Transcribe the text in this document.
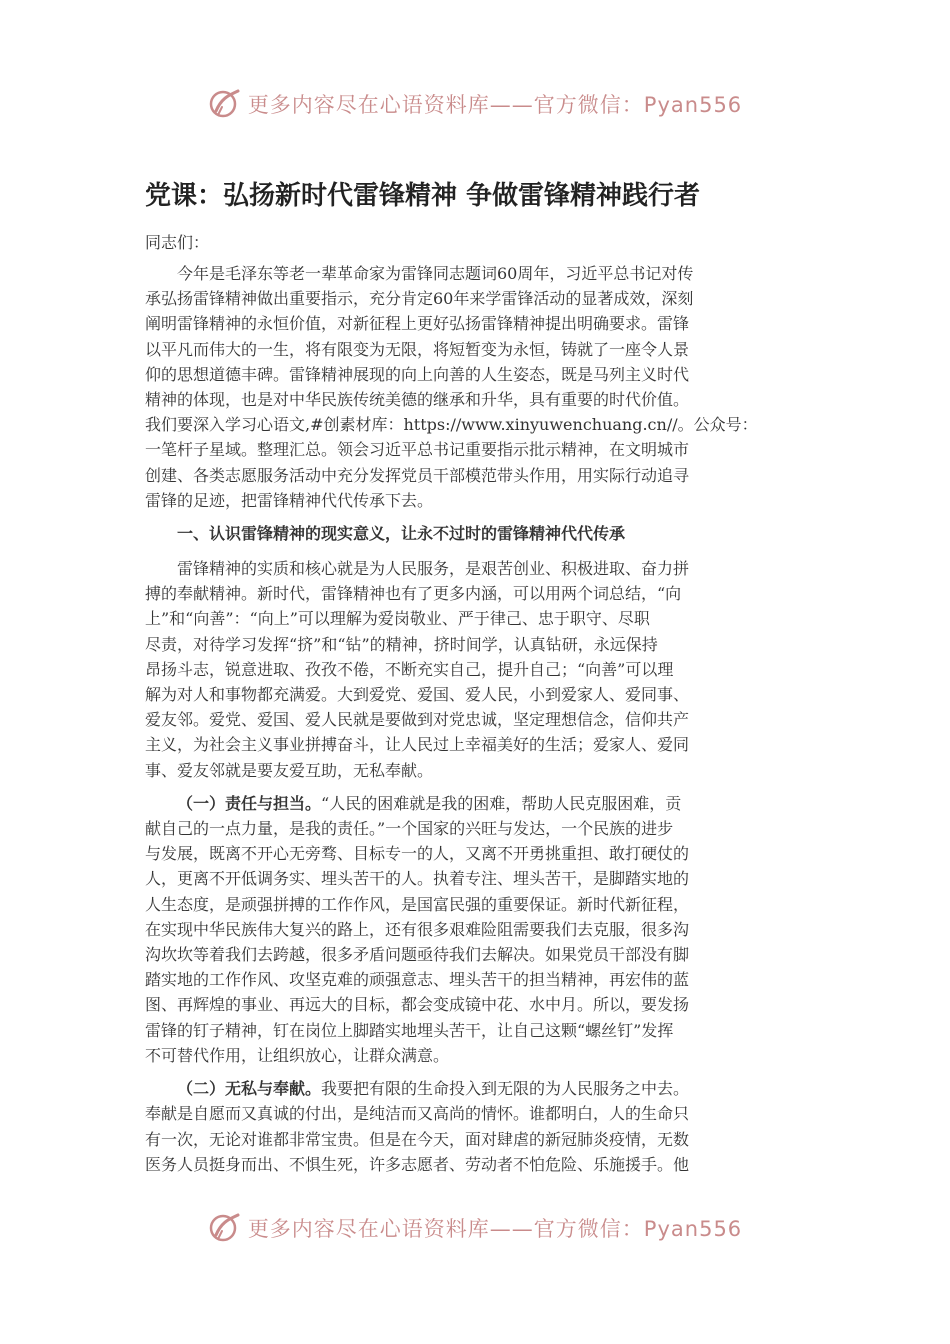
更多内容尽在心语资料库——官方微信：Pyan556
党课：弘扬新时代雷锋精神 争做雷锋精神践行者
同志们：

今年是毛泽东等老一辈革命家为雷锋同志题词60周年，习近平总书记对传
承弘扬雷锋精神做出重要指示，充分肯定60年来学雷锋活动的显著成效，深刻
阐明雷锋精神的永恒价值，对新征程上更好弘扬雷锋精神提出明确要求。雷锋
以平凡而伟大的一生，将有限变为无限，将短暂变为永恒，铸就了一座令人景
仰的思想道德丰碑。雷锋精神展现的向上向善的人生姿态，既是马列主义时代
精神的体现，也是对中华民族传统美德的继承和升华，具有重要的时代价值。
我们要深入学习心语文,#创素材库：https://www.xinyuwenchuang.cn//。公众号：
一笔杆子星域。整理汇总。领会习近平总书记重要指示批示精神，在文明城市
创建、各类志愿服务活动中充分发挥党员干部模范带头作用，用实际行动追寻
雷锋的足迹，把雷锋精神代代传承下去。

一、认识雷锋精神的现实意义，让永不过时的雷锋精神代代传承

雷锋精神的实质和核心就是为人民服务，是艰苦创业、积极进取、奋力拼
搏的奉献精神。新时代，雷锋精神也有了更多内涵，可以用两个词总结，“向
上”和“向善”：“向上”可以理解为爱岗敬业、严于律己、忠于职守、尽职
尽责，对待学习发挥“挤”和“钻”的精神，挤时间学，认真钻研，永远保持
昂扬斗志，锐意进取、孜孜不倦，不断充实自己，提升自己；“向善”可以理
解为对人和事物都充满爱。大到爱党、爱国、爱人民，小到爱家人、爱同事、
爱友邻。爱党、爱国、爱人民就是要做到对党忠诚，坚定理想信念，信仰共产
主义，为社会主义事业拼搏奋斗，让人民过上幸福美好的生活；爱家人、爱同
事、爱友邻就是要友爱互助，无私奉献。

（一）责任与担当。“人民的困难就是我的困难，帮助人民克服困难，贡
献自己的一点力量，是我的责任。”一个国家的兴旺与发达，一个民族的进步
与发展，既离不开心无旁骛、目标专一的人，又离不开勇挑重担、敢打硬仗的
人，更离不开低调务实、埋头苦干的人。执着专注、埋头苦干，是脚踏实地的
人生态度，是顽强拼搏的工作作风，是国富民强的重要保证。新时代新征程，
在实现中华民族伟大复兴的路上，还有很多艰难险阻需要我们去克服，很多沟
沟坎坎等着我们去跨越，很多矛盾问题亟待我们去解决。如果党员干部没有脚
踏实地的工作作风、攻坚克难的顽强意志、埋头苦干的担当精神，再宏伟的蓝
图、再辉煌的事业、再远大的目标，都会变成镜中花、水中月。所以，要发扬
雷锋的钉子精神，钉在岗位上脚踏实地埋头苦干，让自己这颗“螺丝钉”发挥
不可替代作用，让组织放心，让群众满意。

（二）无私与奉献。我要把有限的生命投入到无限的为人民服务之中去。
奉献是自愿而又真诚的付出，是纯洁而又高尚的情怀。谁都明白，人的生命只
有一次，无论对谁都非常宝贵。但是在今天，面对肆虐的新冠肺炎疫情，无数
医务人员挺身而出、不惧生死，许多志愿者、劳动者不怕危险、乐施援手。他

更多内容尽在心语资料库——官方微信：Pyan556
